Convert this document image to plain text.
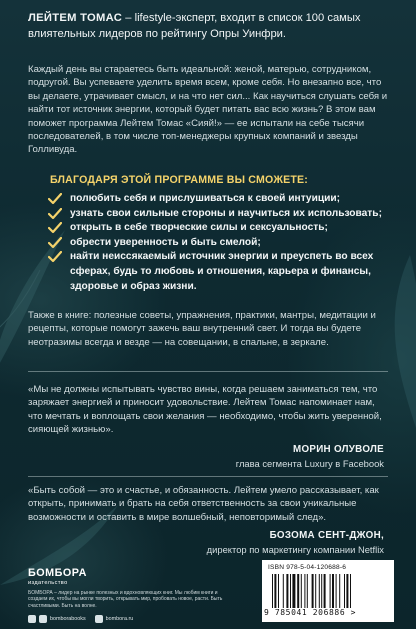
ЛЕЙТЕМ ТОМАС – lifestyle-эксперт, входит в список 100 самых влиятельных лидеров по рейтингу Опры Уинфри.
Каждый день вы стараетесь быть идеальной: женой, матерью, сотрудником, подругой. Вы успеваете уделить время всем, кроме себя. Но внезапно все, что вы делаете, утрачивает смысл, и на что нет сил... Как научиться слушать себя и найти тот источник энергии, который будет питать вас всю жизнь? В этом вам поможет программа Лейтем Томас «Сияй!» — ее испытали на себе тысячи последователей, в том числе топ-менеджеры крупных компаний и звезды Голливуда.
БЛАГОДАРЯ ЭТОЙ ПРОГРАММЕ ВЫ СМОЖЕТЕ:
полюбить себя и прислушиваться к своей интуиции;
узнать свои сильные стороны и научиться их использовать;
открыть в себе творческие силы и сексуальность;
обрести уверенность и быть смелой;
найти неиссякаемый источник энергии и преуспеть во всех сферах, будь то любовь и отношения, карьера и финансы, здоровье и образ жизни.
Также в книге: полезные советы, упражнения, практики, мантры, медитации и рецепты, которые помогут зажечь ваш внутренний свет. И тогда вы будете неотразимы всегда и везде — на совещании, в спальне, в зеркале.
«Мы не должны испытывать чувство вины, когда решаем заниматься тем, что заряжает энергией и приносит удовольствие. Лейтем Томас напоминает нам, что мечтать и воплощать свои желания — необходимо, чтобы жить уверенной, сияющей жизнью».
МОРИН ОЛУВОЛЕ
глава сегмента Luxury в Facebook
«Быть собой — это и счастье, и обязанность. Лейтем умело рассказывает, как открыть, принимать и брать на себя ответственность за свои уникальные возможности и оставить в мире волшебный, неповторимый след».
БОЗОМА СЕНТ-ДЖОН,
директор по маркетингу компании Netflix
БОМБОРА
издательство
БОМБОРА – лидер на рынке полезных и вдохновляющих книг. Мы любим книги и создаем их, чтобы вы могли творить, открывать мир, пробовать новое, расти. Быть счастливыми. Быть на волне.
bomborabooks	bombora.ru
ISBN 978-5-04-120688-6
9 785041 206886 >
